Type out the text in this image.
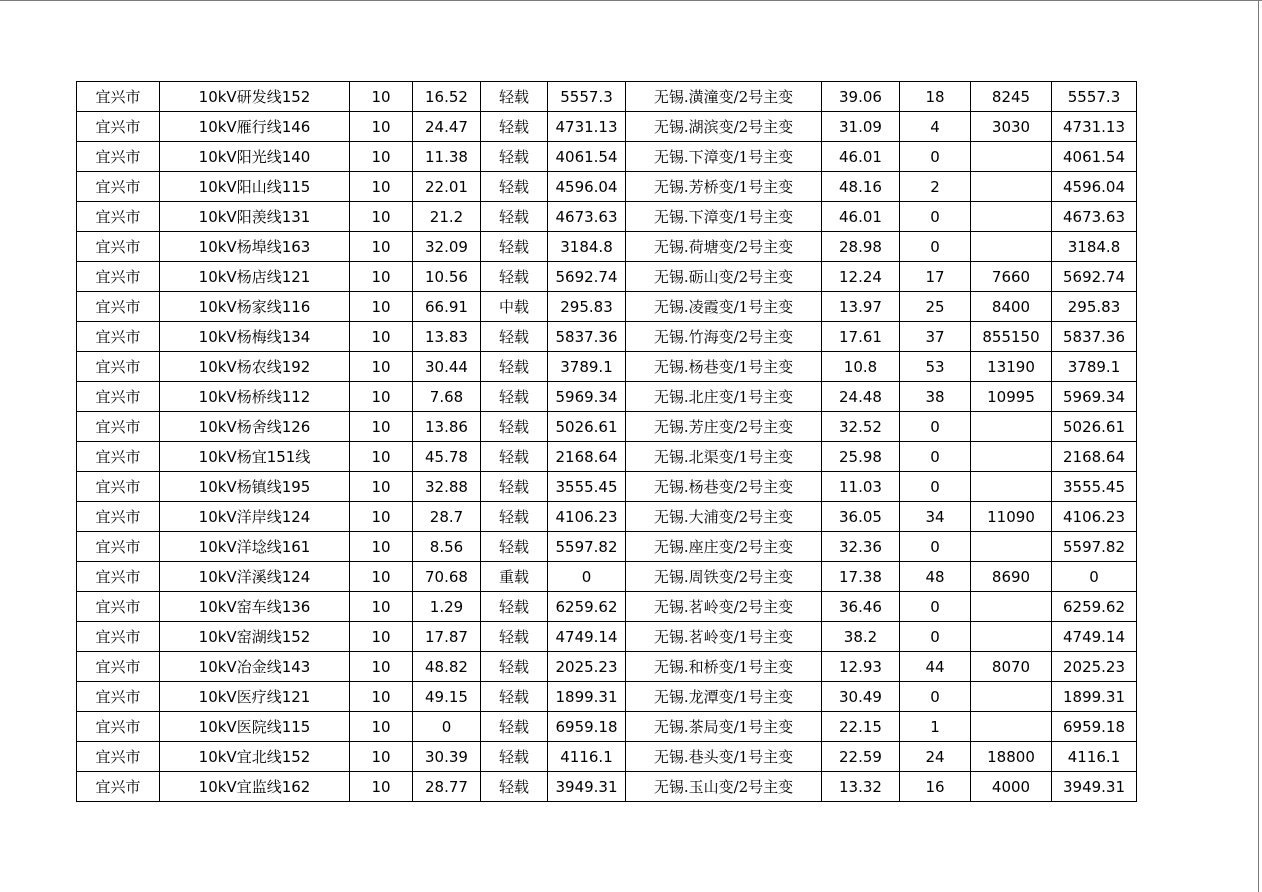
宜兴市	10kV研发线152	10	16.52	轻载	5557.3	无锡.潢潼变/2号主变	39.06	18	8245	5557.3
宜兴市	10kV雁行线146	10	24.47	轻载	4731.13	无锡.湖滨变/2号主变	31.09	4	3030	4731.13
宜兴市	10kV阳光线140	10	11.38	轻载	4061.54	无锡.下漳变/1号主变	46.01	0		4061.54
宜兴市	10kV阳山线115	10	22.01	轻载	4596.04	无锡.芳桥变/1号主变	48.16	2		4596.04
宜兴市	10kV阳羡线131	10	21.2	轻载	4673.63	无锡.下漳变/1号主变	46.01	0		4673.63
宜兴市	10kV杨埠线163	10	32.09	轻载	3184.8	无锡.荷塘变/2号主变	28.98	0		3184.8
宜兴市	10kV杨店线121	10	10.56	轻载	5692.74	无锡.砺山变/2号主变	12.24	17	7660	5692.74
宜兴市	10kV杨家线116	10	66.91	中载	295.83	无锡.凌霞变/1号主变	13.97	25	8400	295.83
宜兴市	10kV杨梅线134	10	13.83	轻载	5837.36	无锡.竹海变/2号主变	17.61	37	855150	5837.36
宜兴市	10kV杨农线192	10	30.44	轻载	3789.1	无锡.杨巷变/1号主变	10.8	53	13190	3789.1
宜兴市	10kV杨桥线112	10	7.68	轻载	5969.34	无锡.北庄变/1号主变	24.48	38	10995	5969.34
宜兴市	10kV杨舍线126	10	13.86	轻载	5026.61	无锡.芳庄变/2号主变	32.52	0		5026.61
宜兴市	10kV杨宜151线	10	45.78	轻载	2168.64	无锡.北渠变/1号主变	25.98	0		2168.64
宜兴市	10kV杨镇线195	10	32.88	轻载	3555.45	无锡.杨巷变/2号主变	11.03	0		3555.45
宜兴市	10kV洋岸线124	10	28.7	轻载	4106.23	无锡.大浦变/2号主变	36.05	34	11090	4106.23
宜兴市	10kV洋埝线161	10	8.56	轻载	5597.82	无锡.座庄变/2号主变	32.36	0		5597.82
宜兴市	10kV洋溪线124	10	70.68	重载	0	无锡.周铁变/2号主变	17.38	48	8690	0
宜兴市	10kV窑车线136	10	1.29	轻载	6259.62	无锡.茗岭变/2号主变	36.46	0		6259.62
宜兴市	10kV窑湖线152	10	17.87	轻载	4749.14	无锡.茗岭变/1号主变	38.2	0		4749.14
宜兴市	10kV冶金线143	10	48.82	轻载	2025.23	无锡.和桥变/1号主变	12.93	44	8070	2025.23
宜兴市	10kV医疗线121	10	49.15	轻载	1899.31	无锡.龙潭变/1号主变	30.49	0		1899.31
宜兴市	10kV医院线115	10	0	轻载	6959.18	无锡.茶局变/1号主变	22.15	1		6959.18
宜兴市	10kV宜北线152	10	30.39	轻载	4116.1	无锡.巷头变/1号主变	22.59	24	18800	4116.1
宜兴市	10kV宜监线162	10	28.77	轻载	3949.31	无锡.玉山变/2号主变	13.32	16	4000	3949.31
